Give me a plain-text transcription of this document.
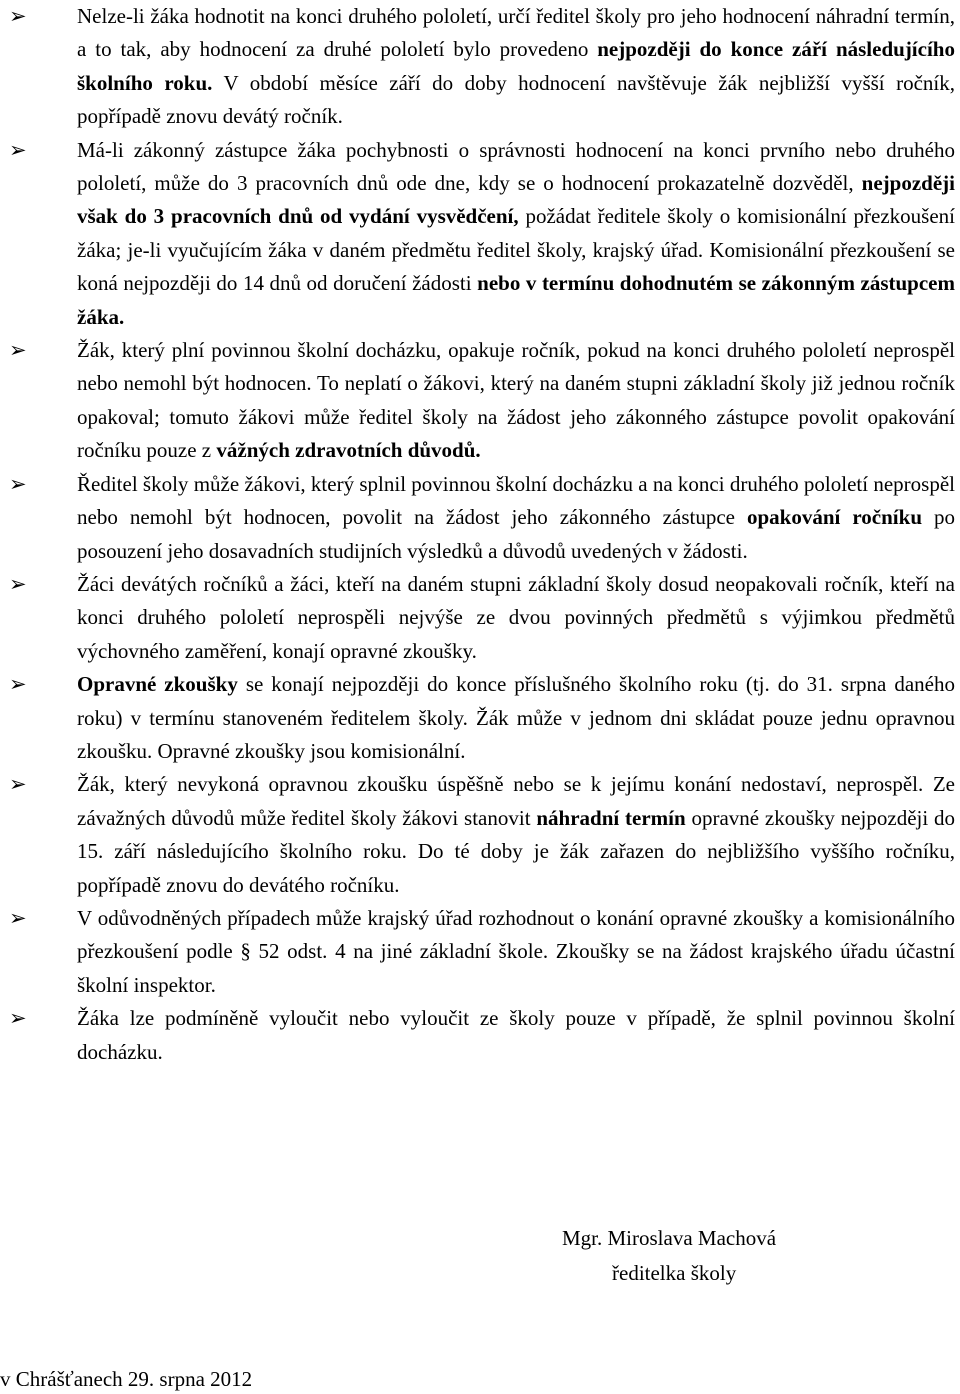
➢ Nelze-li žáka hodnotit na konci druhého pololetí, určí ředitel školy pro jeho hodnocení náhradní termín, a to tak, aby hodnocení za druhé pololetí bylo provedeno nejpozději do konce září následujícího školního roku. V období měsíce září do doby hodnocení navštěvuje žák nejbližší vyšší ročník, popřípadě znovu devátý ročník.
➢ Má-li zákonný zástupce žáka pochybnosti o správnosti hodnocení na konci prvního nebo druhého pololetí, může do 3 pracovních dnů ode dne, kdy se o hodnocení prokazatelně dozvěděl, nejpozději však do 3 pracovních dnů od vydání vysvědčení, požádat ředitele školy o komisionální přezkoušení žáka; je-li vyučujícím žáka v daném předmětu ředitel školy, krajský úřad. Komisionální přezkoušení se koná nejpozději do 14 dnů od doručení žádosti nebo v termínu dohodnutém se zákonným zástupcem žáka.
➢ Žák, který plní povinnou školní docházku, opakuje ročník, pokud na konci druhého pololetí neprospěl nebo nemohl být hodnocen. To neplatí o žákovi, který na daném stupni základní školy již jednou ročník opakoval; tomuto žákovi může ředitel školy na žádost jeho zákonného zástupce povolit opakování ročníku pouze z vážných zdravotních důvodů.
➢ Ředitel školy může žákovi, který splnil povinnou školní docházku a na konci druhého pololetí neprospěl nebo nemohl být hodnocen, povolit na žádost jeho zákonného zástupce opakování ročníku po posouzení jeho dosavadních studijních výsledků a důvodů uvedených v žádosti.
➢ Žáci devátých ročníků a žáci, kteří na daném stupni základní školy dosud neopakovali ročník, kteří na konci druhého pololetí neprospěli nejvýše ze dvou povinných předmětů s výjimkou předmětů výchovného zaměření, konají opravné zkoušky.
➢ Opravné zkoušky se konají nejpozději do konce příslušného školního roku (tj. do 31. srpna daného roku) v termínu stanoveném ředitelem školy. Žák může v jednom dni skládat pouze jednu opravnou zkoušku. Opravné zkoušky jsou komisionální.
➢ Žák, který nevykoná opravnou zkoušku úspěšně nebo se k jejímu konání nedostaví, neprospěl. Ze závažných důvodů může ředitel školy žákovi stanovit náhradní termín opravné zkoušky nejpozději do 15. září následujícího školního roku. Do té doby je žák zařazen do nejbližšího vyššího ročníku, popřípadě znovu do devátého ročníku.
➢ V odůvodněných případech může krajský úřad rozhodnout o konání opravné zkoušky a komisionálního přezkoušení podle § 52 odst. 4 na jiné základní škole. Zkoušky se na žádost krajského úřadu účastní školní inspektor.
➢ Žáka lze podmíněně vyloučit nebo vyloučit ze školy pouze v případě, že splnil povinnou školní docházku.
Mgr. Miroslava Machová
ředitelka školy
v Chrášťanech 29. srpna 2012
